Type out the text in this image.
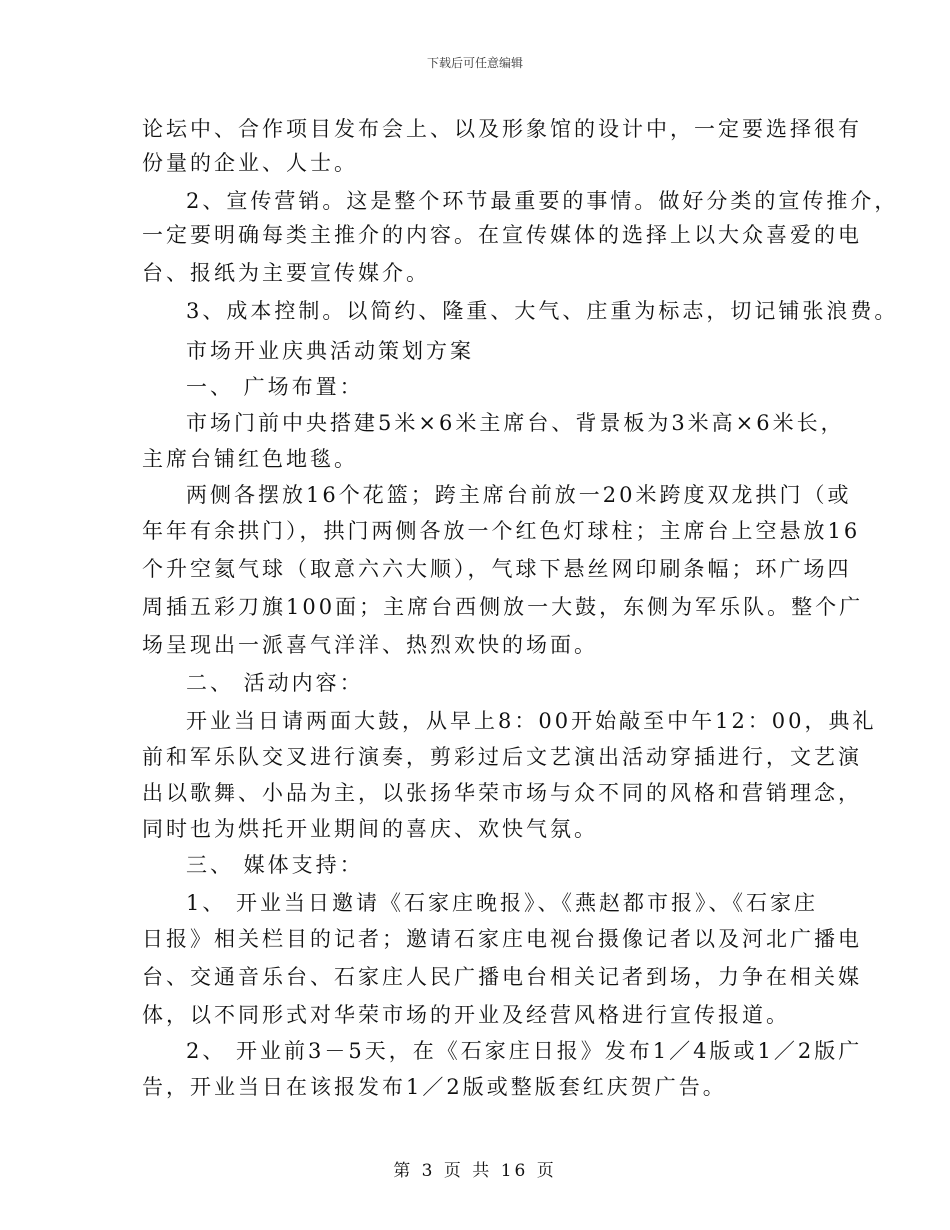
下载后可任意编辑
论坛中、合作项目发布会上、以及形象馆的设计中，一定要选择很有
份量的企业、人士。
2、宣传营销。这是整个环节最重要的事情。做好分类的宣传推介，
一定要明确每类主推介的内容。在宣传媒体的选择上以大众喜爱的电
台、报纸为主要宣传媒介。
3、成本控制。以简约、隆重、大气、庄重为标志，切记铺张浪费。
市场开业庆典活动策划方案
一、 广场布置：
市场门前中央搭建5米×6米主席台、背景板为3米高×6米长，
主席台铺红色地毯。
两侧各摆放16个花篮；跨主席台前放一20米跨度双龙拱门（或
年年有余拱门），拱门两侧各放一个红色灯球柱；主席台上空悬放16
个升空氦气球（取意六六大顺），气球下悬丝网印刷条幅；环广场四
周插五彩刀旗100面；主席台西侧放一大鼓，东侧为军乐队。整个广
场呈现出一派喜气洋洋、热烈欢快的场面。
二、 活动内容：
开业当日请两面大鼓，从早上8：00开始敲至中午12：00，典礼
前和军乐队交叉进行演奏，剪彩过后文艺演出活动穿插进行，文艺演
出以歌舞、小品为主，以张扬华荣市场与众不同的风格和营销理念，
同时也为烘托开业期间的喜庆、欢快气氛。
三、 媒体支持：
1、 开业当日邀请《石家庄晚报》、《燕赵都市报》、《石家庄
日报》相关栏目的记者；邀请石家庄电视台摄像记者以及河北广播电
台、交通音乐台、石家庄人民广播电台相关记者到场，力争在相关媒
体，以不同形式对华荣市场的开业及经营风格进行宣传报道。
2、 开业前3－5天，在《石家庄日报》发布1／4版或1／2版广
告，开业当日在该报发布1／2版或整版套红庆贺广告。
第 3 页 共 16 页
